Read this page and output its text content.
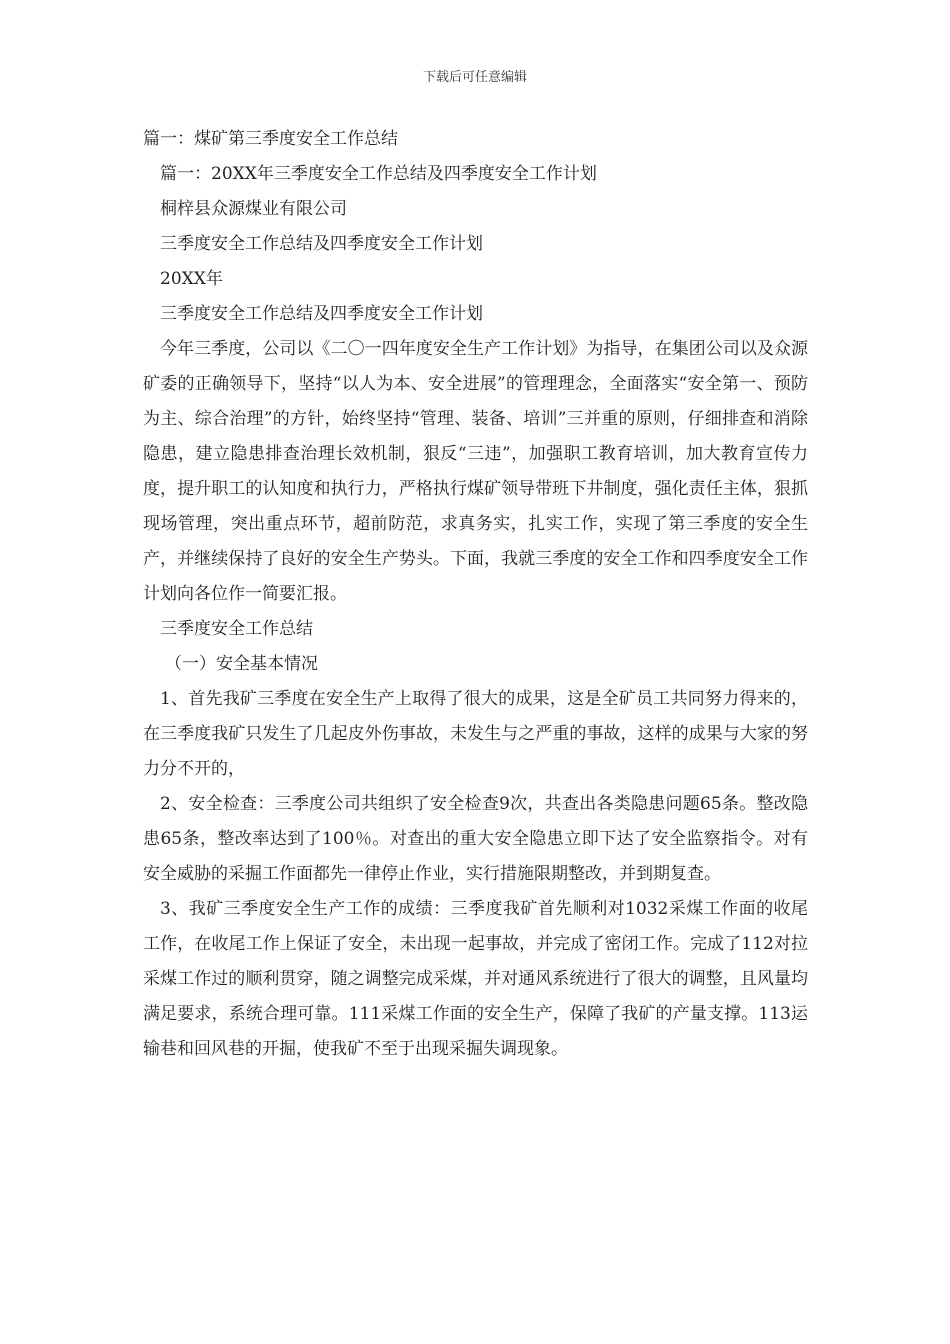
下载后可任意编辑
篇一：煤矿第三季度安全工作总结
篇一：20XX年三季度安全工作总结及四季度安全工作计划
桐梓县众源煤业有限公司
三季度安全工作总结及四季度安全工作计划
20XX年
三季度安全工作总结及四季度安全工作计划

今年三季度，公司以《二〇一四年度安全生产工作计划》为指导，在集团公司以及众源矿委的正确领导下，坚持“以人为本、安全进展”的管理理念，全面落实“安全第一、预防为主、综合治理”的方针，始终坚持“管理、装备、培训”三并重的原则，仔细排查和消除隐患，建立隐患排查治理长效机制，狠反“三违”，加强职工教育培训，加大教育宣传力度，提升职工的认知度和执行力，严格执行煤矿领导带班下井制度，强化责任主体，狠抓现场管理，突出重点环节，超前防范，求真务实，扎实工作，实现了第三季度的安全生产，并继续保持了良好的安全生产势头。下面，我就三季度的安全工作和四季度安全工作计划向各位作一简要汇报。

三季度安全工作总结
（一）安全基本情况

1、首先我矿三季度在安全生产上取得了很大的成果，这是全矿员工共同努力得来的，在三季度我矿只发生了几起皮外伤事故，未发生与之严重的事故，这样的成果与大家的努力分不开的，

2、安全检查：三季度公司共组织了安全检查9次，共查出各类隐患问题65条。整改隐患65条，整改率达到了100％。对查出的重大安全隐患立即下达了安全监察指令。对有安全威胁的采掘工作面都先一律停止作业，实行措施限期整改，并到期复查。

3、我矿三季度安全生产工作的成绩：三季度我矿首先顺利对1032采煤工作面的收尾工作，在收尾工作上保证了安全，未出现一起事故，并完成了密闭工作。完成了112对拉采煤工作过的顺利贯穿，随之调整完成采煤，并对通风系统进行了很大的调整，且风量均满足要求，系统合理可靠。111采煤工作面的安全生产，保障了我矿的产量支撑。113运输巷和回风巷的开掘，使我矿不至于出现采掘失调现象。
